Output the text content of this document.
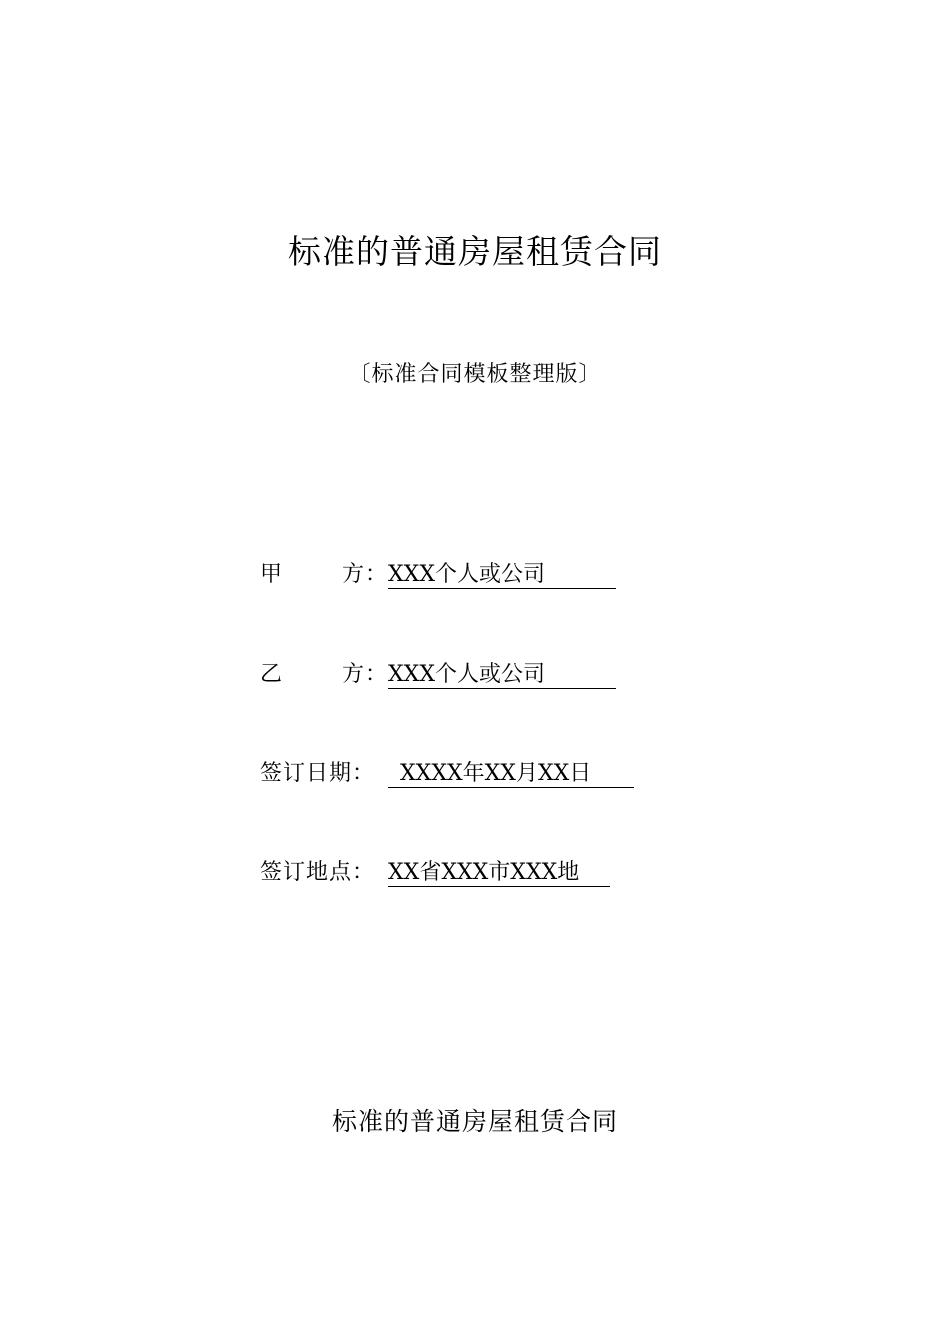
标准的普通房屋租赁合同
〔标准合同模板整理版〕
甲	方： XXX个人或公司
乙	方： XXX个人或公司
签订日期： XXXX年XX月XX日
签订地点： XX省XXX市XXX地
标准的普通房屋租赁合同
